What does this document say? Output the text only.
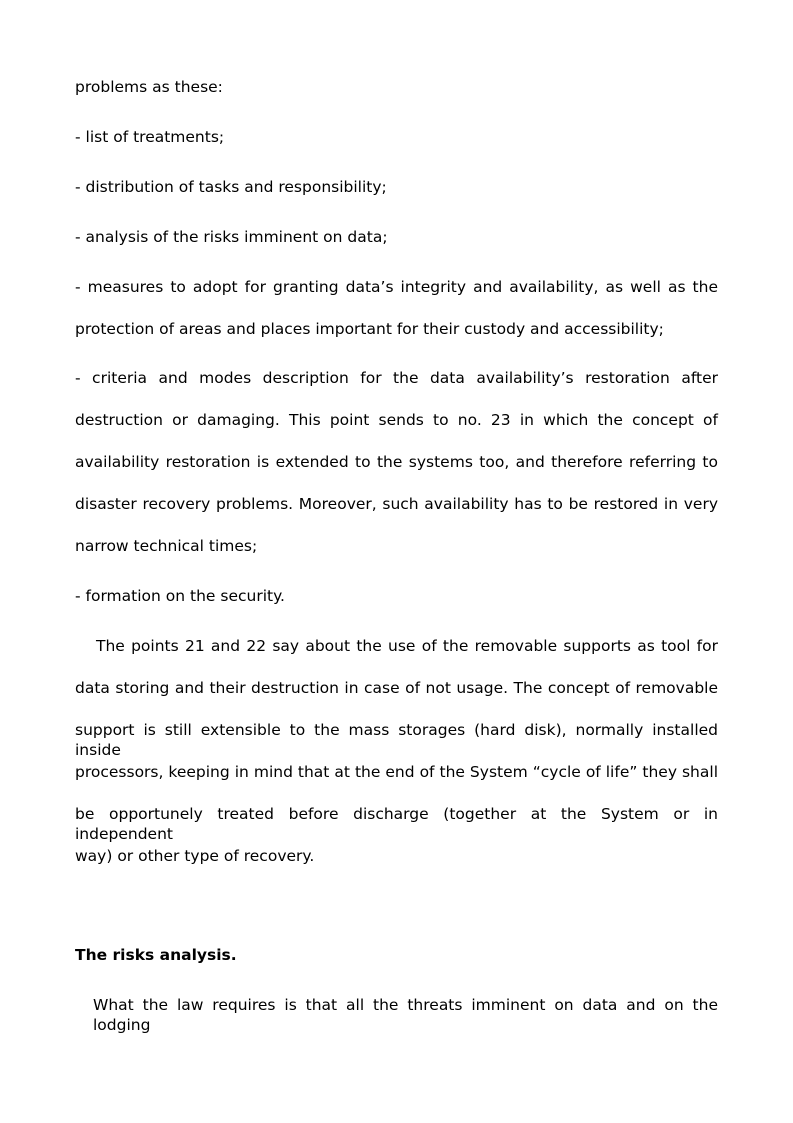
problems as these:
- list of treatments;
- distribution of tasks and responsibility;
- analysis of the risks imminent on data;
- measures to adopt for granting data’s integrity and availability, as well as the
protection of areas and places important for their custody and accessibility;
- criteria and modes description for the data availability’s restoration after
destruction or damaging. This point sends to no. 23 in which the concept of
availability restoration is extended to the systems too, and therefore referring to
disaster recovery problems. Moreover, such availability has to be restored in very
narrow technical times;
- formation on the security.
The points 21 and 22 say about the use of the removable supports as tool for
data storing and their destruction in case of not usage. The concept of removable
support is still extensible to the mass storages (hard disk), normally installed inside
processors, keeping in mind that at the end of the System “cycle of life” they shall
be opportunely treated before discharge (together at the System or in independent
way) or other type of recovery.
The risks analysis.
What the law requires is that all the threats imminent on data and on the lodging
